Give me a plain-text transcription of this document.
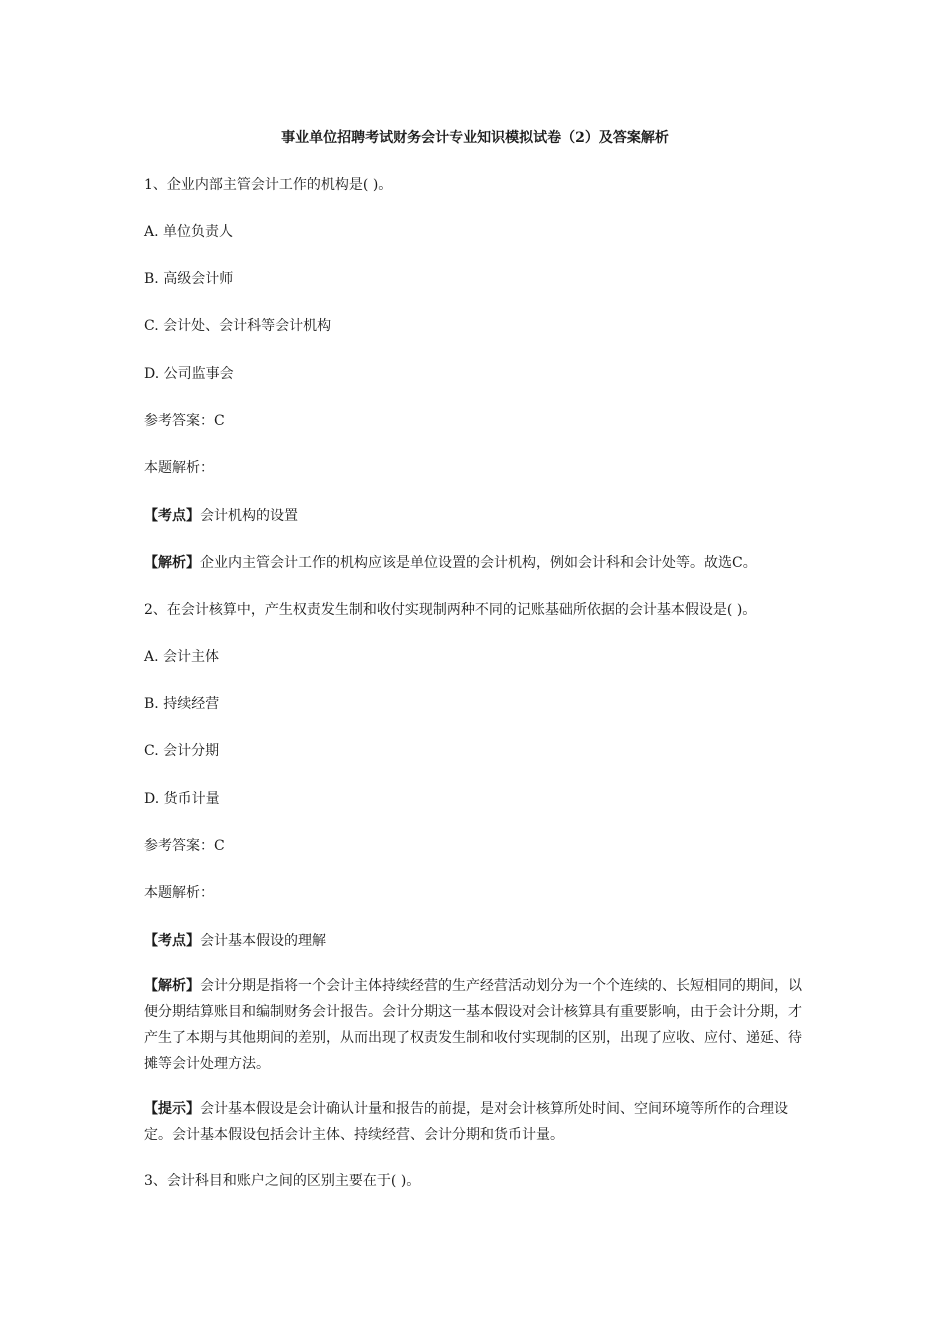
事业单位招聘考试财务会计专业知识模拟试卷（2）及答案解析
1、企业内部主管会计工作的机构是( )。
A. 单位负责人
B. 高级会计师
C. 会计处、会计科等会计机构
D. 公司监事会
参考答案：C
本题解析：
【考点】会计机构的设置
【解析】企业内主管会计工作的机构应该是单位设置的会计机构，例如会计科和会计处等。故选C。
2、在会计核算中，产生权责发生制和收付实现制两种不同的记账基础所依据的会计基本假设是( )。
A. 会计主体
B. 持续经营
C. 会计分期
D. 货币计量
参考答案：C
本题解析：
【考点】会计基本假设的理解
【解析】会计分期是指将一个会计主体持续经营的生产经营活动划分为一个个连续的、长短相同的期间，以便分期结算账目和编制财务会计报告。会计分期这一基本假设对会计核算具有重要影响，由于会计分期，才产生了本期与其他期间的差别，从而出现了权责发生制和收付实现制的区别，出现了应收、应付、递延、待摊等会计处理方法。
【提示】会计基本假设是会计确认计量和报告的前提，是对会计核算所处时间、空间环境等所作的合理设定。会计基本假设包括会计主体、持续经营、会计分期和货币计量。
3、会计科目和账户之间的区别主要在于( )。
